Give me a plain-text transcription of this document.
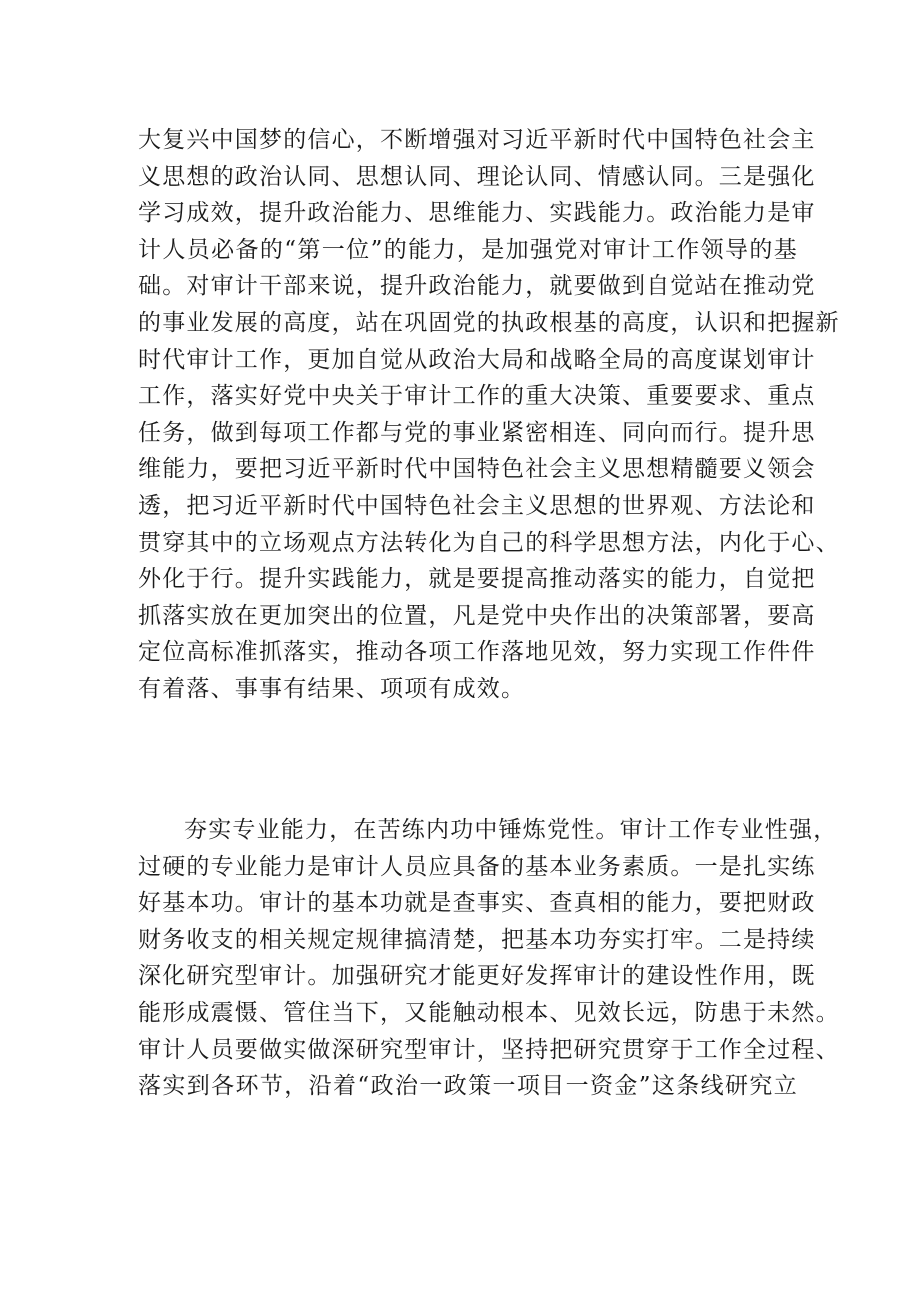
大复兴中国梦的信心，不断增强对习近平新时代中国特色社会主
义思想的政治认同、思想认同、理论认同、情感认同。三是强化
学习成效，提升政治能力、思维能力、实践能力。政治能力是审
计人员必备的“第一位”的能力，是加强党对审计工作领导的基
础。对审计干部来说，提升政治能力，就要做到自觉站在推动党
的事业发展的高度，站在巩固党的执政根基的高度，认识和把握新
时代审计工作，更加自觉从政治大局和战略全局的高度谋划审计
工作，落实好党中央关于审计工作的重大决策、重要要求、重点
任务，做到每项工作都与党的事业紧密相连、同向而行。提升思
维能力，要把习近平新时代中国特色社会主义思想精髓要义领会
透，把习近平新时代中国特色社会主义思想的世界观、方法论和
贯穿其中的立场观点方法转化为自己的科学思想方法，内化于心、
外化于行。提升实践能力，就是要提高推动落实的能力，自觉把
抓落实放在更加突出的位置，凡是党中央作出的决策部署，要高
定位高标准抓落实，推动各项工作落地见效，努力实现工作件件
有着落、事事有结果、项项有成效。
夯实专业能力，在苦练内功中锤炼党性。审计工作专业性强，
过硬的专业能力是审计人员应具备的基本业务素质。一是扎实练
好基本功。审计的基本功就是查事实、查真相的能力，要把财政
财务收支的相关规定规律搞清楚，把基本功夯实打牢。二是持续
深化研究型审计。加强研究才能更好发挥审计的建设性作用，既
能形成震慑、管住当下，又能触动根本、见效长远，防患于未然。
审计人员要做实做深研究型审计，坚持把研究贯穿于工作全过程、
落实到各环节，沿着“政治一政策一项目一资金”这条线研究立
